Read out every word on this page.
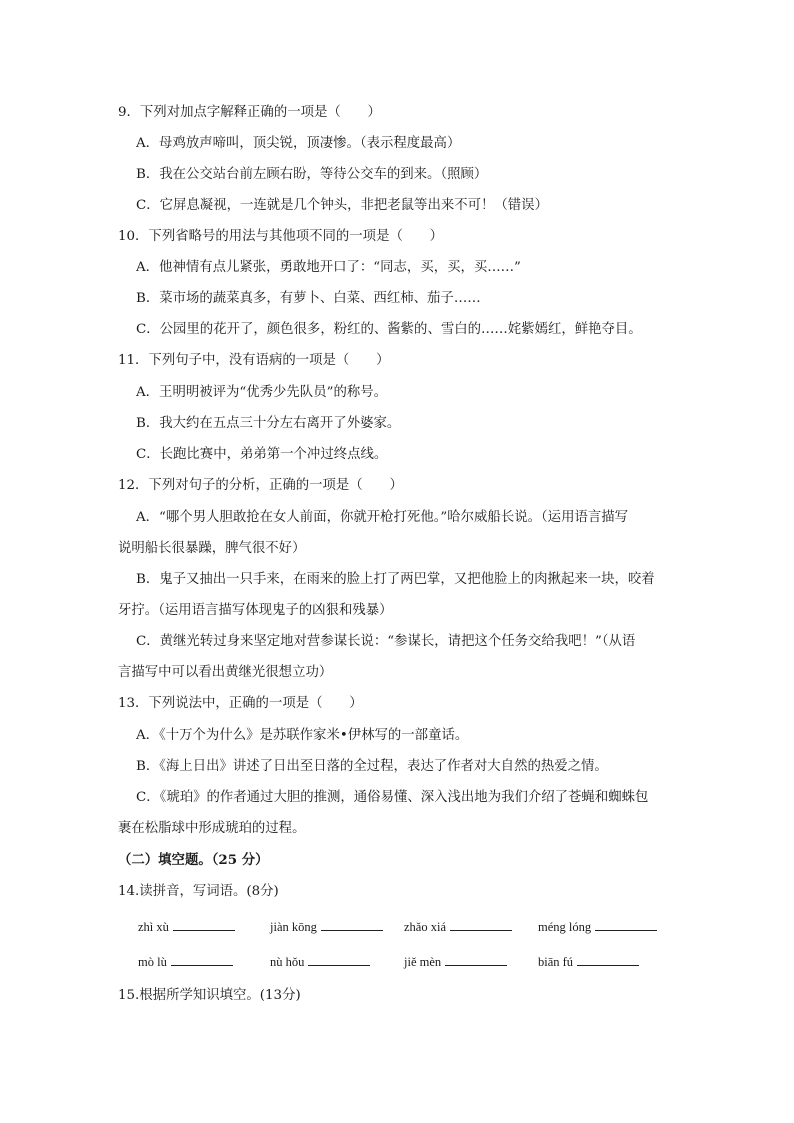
9．下列对加点字解释正确的一项是（　　）
A．母鸡放声啼叫，顶尖锐，顶凄惨。（表示程度最高）
B．我在公交站台前左顾右盼，等待公交车的到来。（照顾）
C．它屏息凝视，一连就是几个钟头，非把老鼠等出来不可！（错误）
10．下列省略号的用法与其他项不同的一项是（　　）
A．他神情有点儿紧张，勇敢地开口了：“同志，买，买，买……”
B．菜市场的蔬菜真多，有萝卜、白菜、西红柿、茄子……
C．公园里的花开了，颜色很多，粉红的、酱紫的、雪白的……姹紫嫣红，鲜艳夺目。
11．下列句子中，没有语病的一项是（　　）
A．王明明被评为“优秀少先队员”的称号。
B．我大约在五点三十分左右离开了外婆家。
C．长跑比赛中，弟弟第一个冲过终点线。
12．下列对句子的分析，正确的一项是（　　）
A．“哪个男人胆敢抢在女人前面，你就开枪打死他。”哈尔威船长说。（运用语言描写
说明船长很暴躁，脾气很不好）
B．鬼子又抽出一只手来，在雨来的脸上打了两巴掌，又把他脸上的肉揪起来一块，咬着
牙拧。（运用语言描写体现鬼子的凶狠和残暴）
C．黄继光转过身来坚定地对营参谋长说：“参谋长，请把这个任务交给我吧！”（从语
言描写中可以看出黄继光很想立功）
13．下列说法中，正确的一项是（　　）
A．《十万个为什么》是苏联作家米•伊林写的一部童话。
B．《海上日出》讲述了日出至日落的全过程，表达了作者对大自然的热爱之情。
C．《琥珀》的作者通过大胆的推测，通俗易懂、深入浅出地为我们介绍了苍蝇和蜘蛛包
裹在松脂球中形成琥珀的过程。
（二）填空题。（25 分）
14.读拼音，写词语。(8分)
zhì xù	jiàn kōng	zhǎo xiá	méng lóng
mò lù	nù hǒu	jiě mèn	biān fú
15.根据所学知识填空。(13分)
